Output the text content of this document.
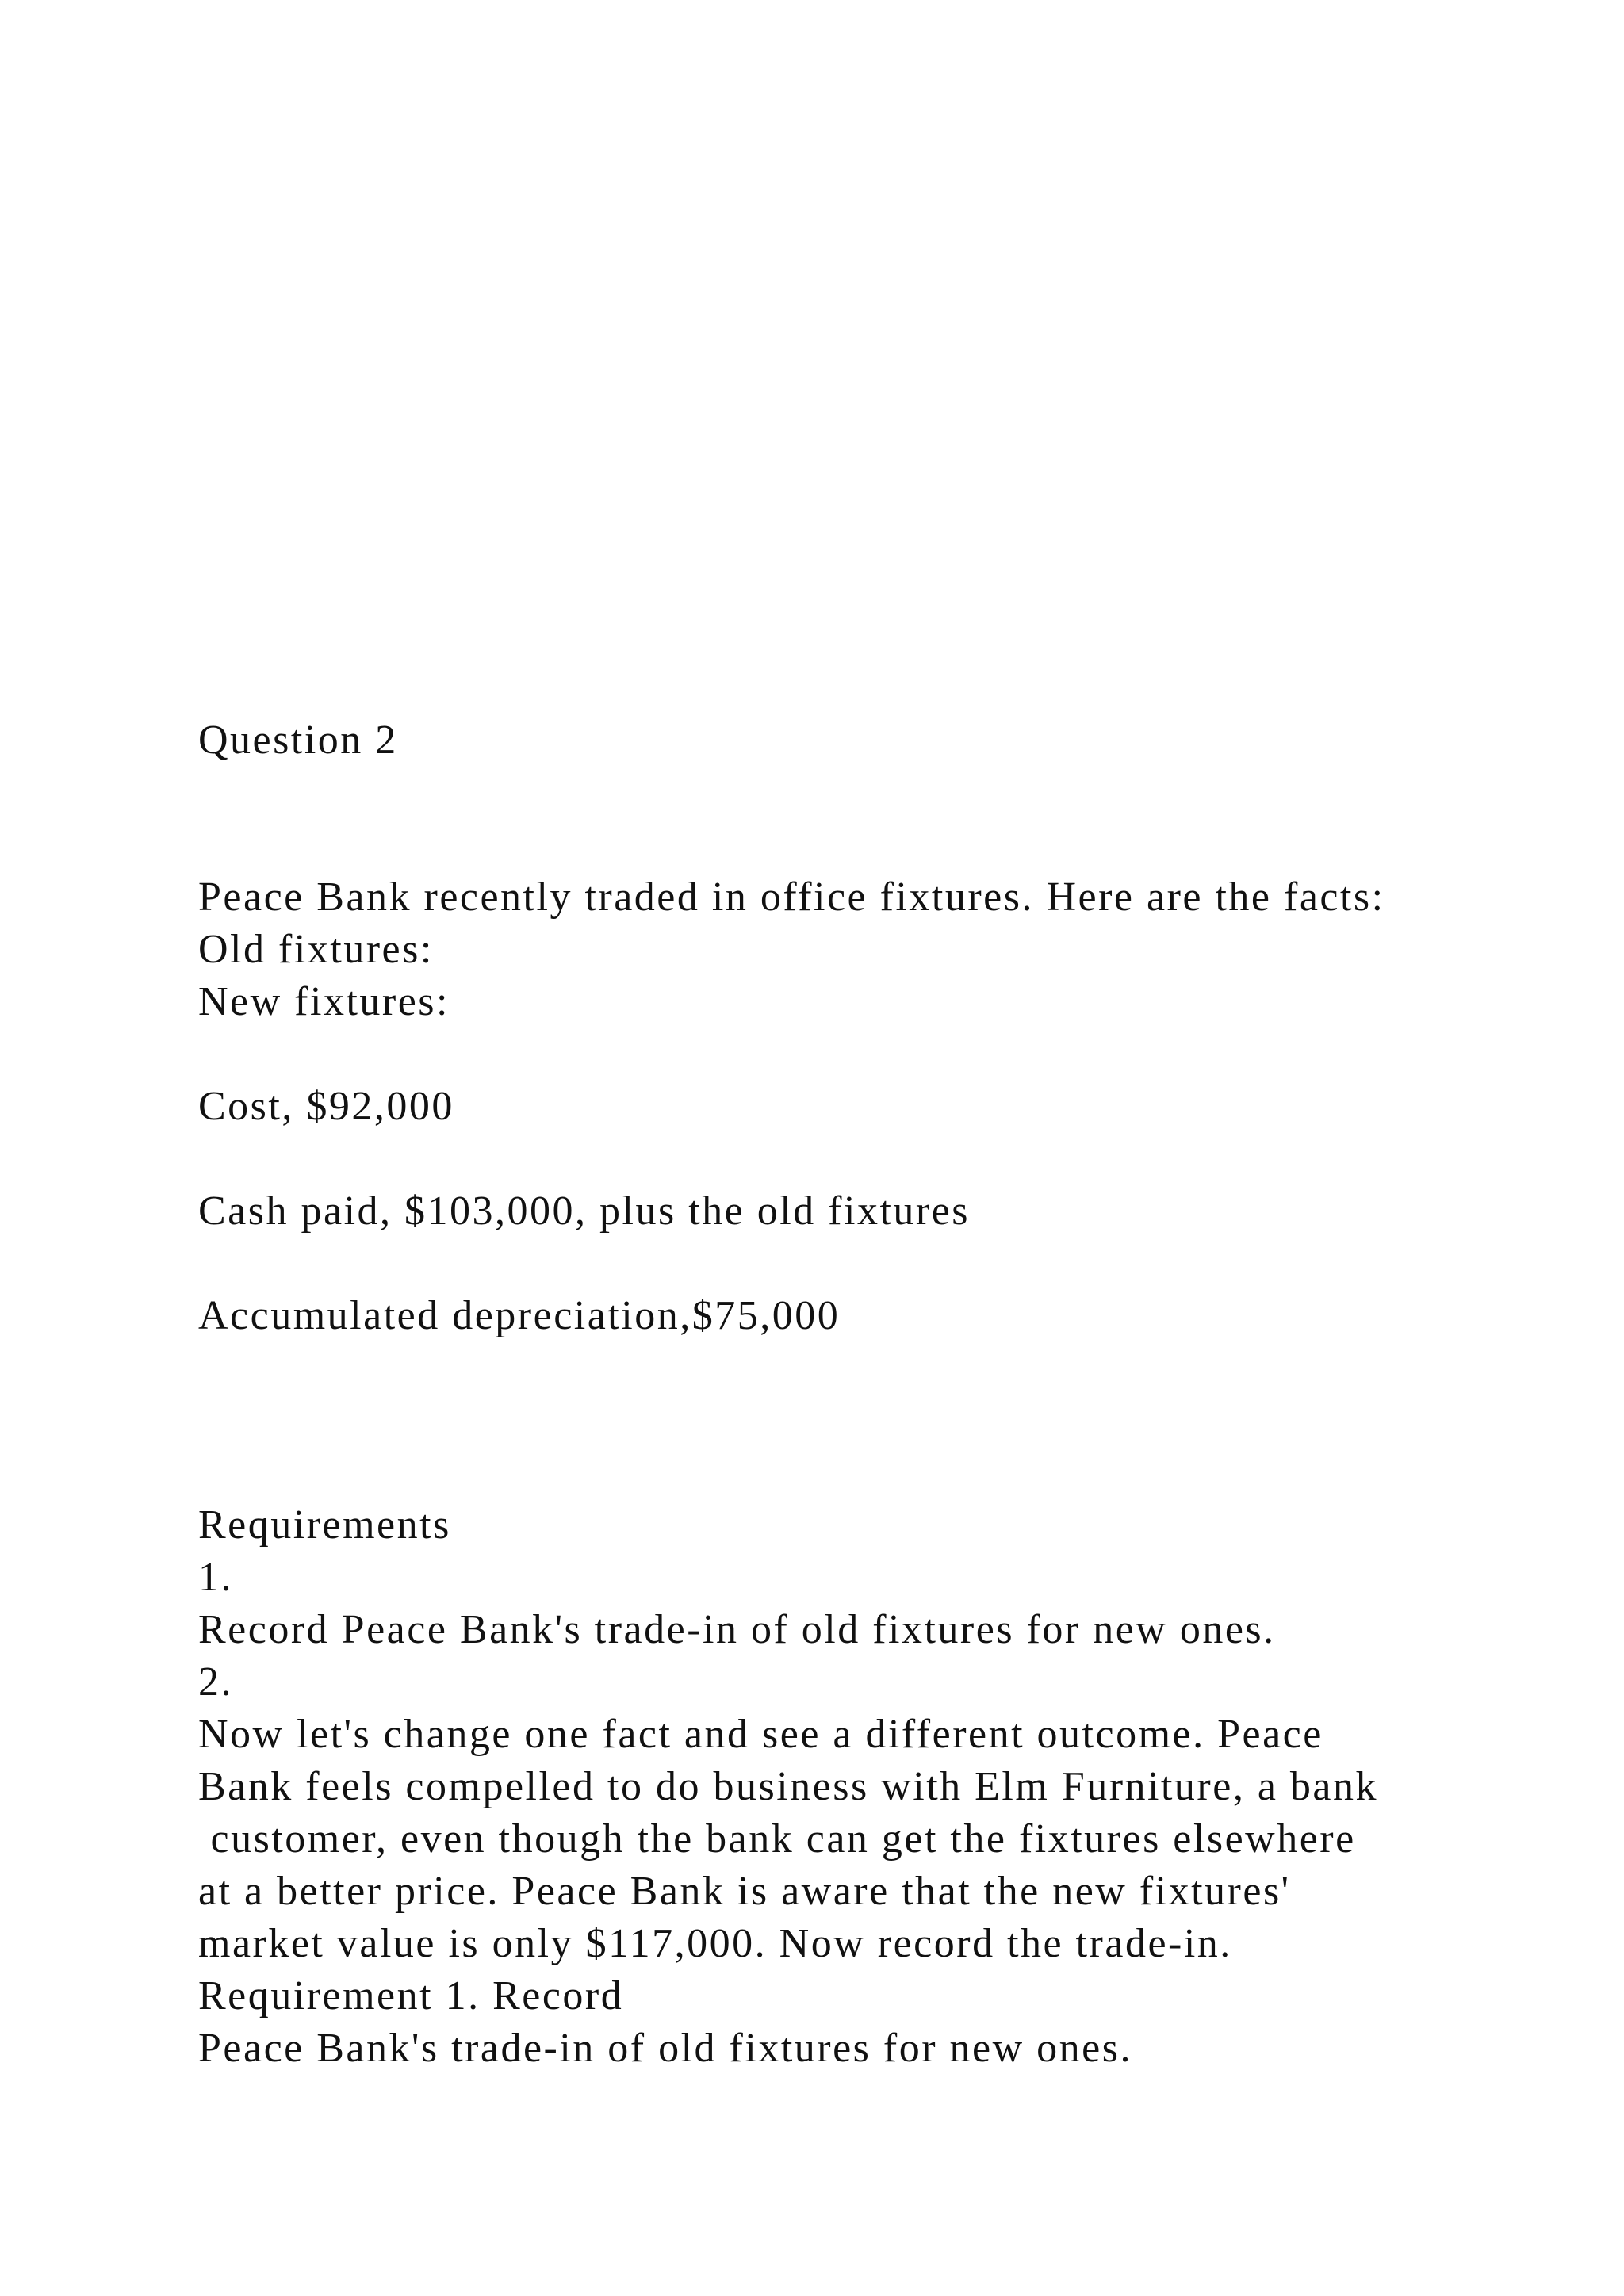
Question 2
Peace Bank recently traded in office fixtures. Here are the facts:
Old fixtures:
New fixtures:
Cost, $92,000
Cash paid, $103,000, plus the old fixtures
Accumulated depreciation,$75,000
Requirements
1.
Record Peace Bank's trade-in of old fixtures for new ones.
2.
Now let's change one fact and see a different outcome. Peace
Bank feels compelled to do business with Elm Furniture, a bank
customer, even though the bank can get the fixtures elsewhere
at a better price. Peace Bank is aware that the new fixtures'
market value is only $117,000. Now record the trade-in.
Requirement 1. Record
Peace Bank's trade-in of old fixtures for new ones.
